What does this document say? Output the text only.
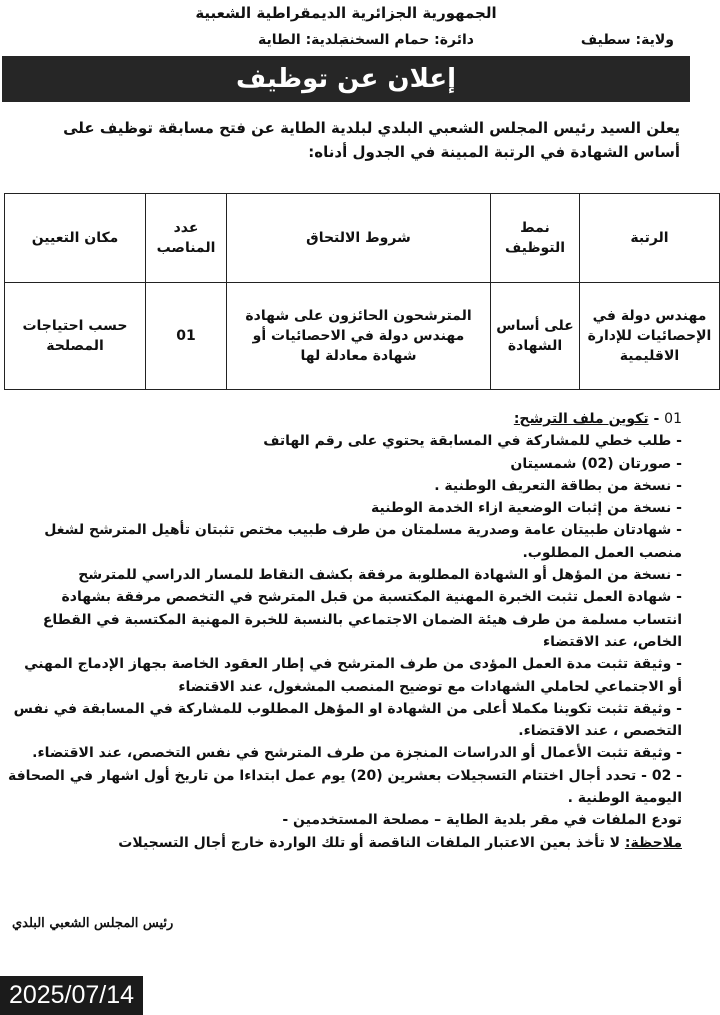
الجمهورية الجزائرية الديمقراطية الشعبية
ولاية: سطيف
دائرة: حمام السخنة
بلدية: الطاية
إعلان عن توظيف
يعلن السيد رئيس المجلس الشعبي البلدي لبلدية الطاية عن فتح مسابقة توظيف على أساس الشهادة في الرتبة المبينة في الجدول أدناه:
الرتبة	نمط التوظيف	شروط الالتحاق	عدد المناصب	مكان التعيين
مهندس دولة في الإحصائيات للإدارة الاقليمية	على أساس الشهادة	المترشحون الحائزون على شهادة مهندس دولة في الاحصائيات أو شهادة معادلة لها	01	حسب احتياجات المصلحة

01 - تكوين ملف الترشح:

- طلب خطي للمشاركة في المسابقة يحتوي على رقم الهاتف

- صورتان (02) شمسيتان

- نسخة من بطاقة التعريف الوطنية .

- نسخة من إثبات الوضعية ازاء الخدمة الوطنية

- شهادتان طبيتان عامة وصدرية مسلمتان من طرف طبيب مختص تثبتان تأهيل المترشح لشغل منصب العمل المطلوب.

- نسخة من المؤهل أو الشهادة المطلوبة مرفقة بكشف النقاط للمسار الدراسي للمترشح

- شهادة العمل تثبت الخبرة المهنية المكتسبة من قبل المترشح في التخصص مرفقة بشهادة انتساب مسلمة من طرف هيئة الضمان الاجتماعي بالنسبة للخبرة المهنية المكتسبة في القطاع الخاص، عند الاقتضاء

- وثيقة تثبت مدة العمل المؤدى من طرف المترشح في إطار العقود الخاصة بجهاز الإدماج المهني أو الاجتماعي لحاملي الشهادات مع توضيح المنصب المشغول، عند الاقتضاء

- وثيقة تثبت تكوينا مكملا أعلى من الشهادة او المؤهل المطلوب للمشاركة في المسابقة في نفس التخصص ، عند الاقتضاء.

- وثيقة تثبت الأعمال أو الدراسات المنجزة من طرف المترشح في نفس التخصص، عند الاقتضاء.

- 02 - تحدد أجال اختتام التسجيلات بعشرين (20) يوم عمل ابتداءا من تاريخ أول اشهار في الصحافة اليومية الوطنية .

تودع الملفات في مقر بلدية الطاية – مصلحة المستخدمين -

ملاحظة: لا تأخذ بعين الاعتبار الملفات الناقصة أو تلك الواردة خارج أجال التسجيلات

رئيس المجلس الشعبي البلدي
2025/07/14
